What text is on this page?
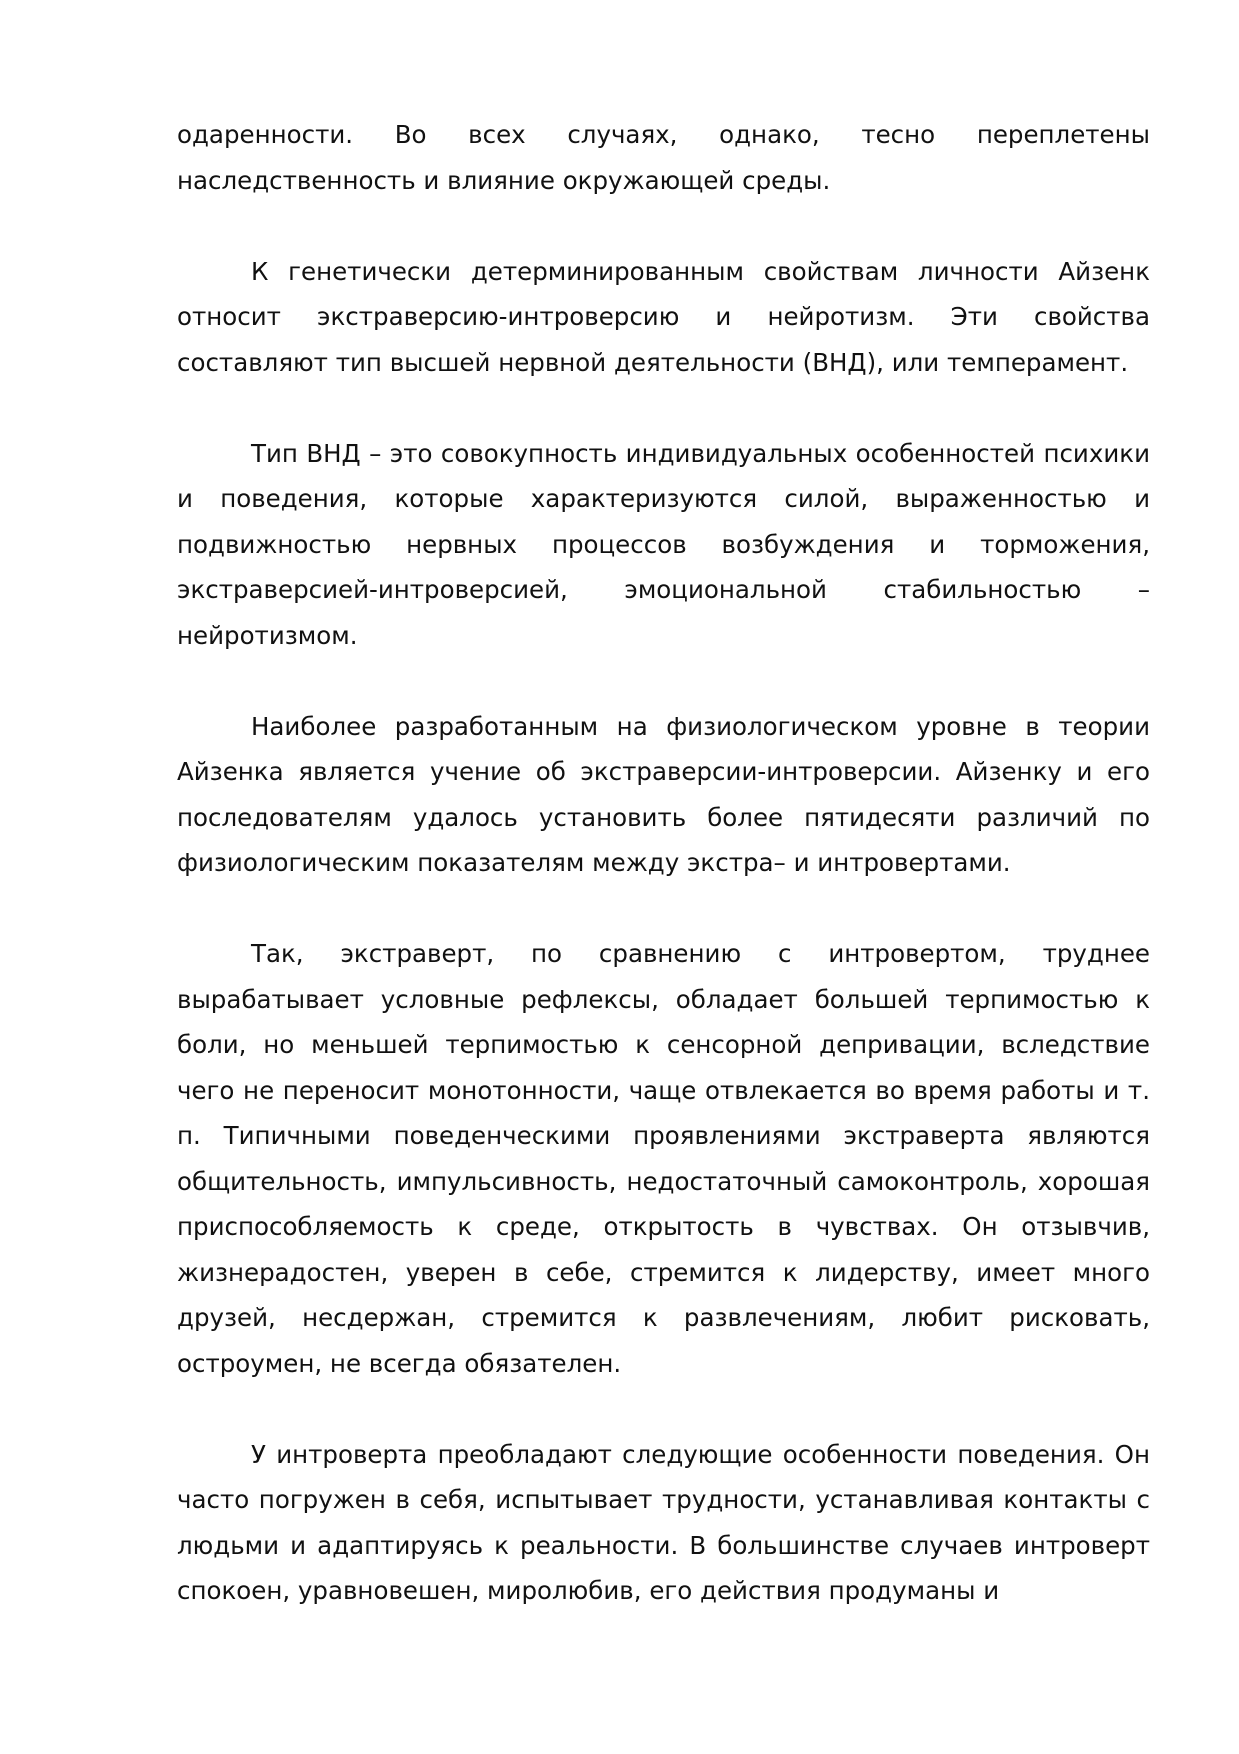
одаренности. Во всех случаях, однако, тесно переплетены наследственность и влияние окружающей среды.

К генетически детерминированным свойствам личности Айзенк относит экстраверсию-интроверсию и нейротизм. Эти свойства составляют тип высшей нервной деятельности (ВНД), или темперамент.

Тип ВНД – это совокупность индивидуальных особенностей психики и поведения, которые характеризуются силой, выраженностью и подвижностью нервных процессов возбуждения и торможения, экстраверсией-интроверсией, эмоциональной стабильностью – нейротизмом.

Наиболее разработанным на физиологическом уровне в теории Айзенка является учение об экстраверсии-интроверсии. Айзенку и его последователям удалось установить более пятидесяти различий по физиологическим показателям между экстра– и интровертами.

Так, экстраверт, по сравнению с интровертом, труднее вырабатывает условные рефлексы, обладает большей терпимостью к боли, но меньшей терпимостью к сенсорной депривации, вследствие чего не переносит монотонности, чаще отвлекается во время работы и т. п. Типичными поведенческими проявлениями экстраверта являются общительность, импульсивность, недостаточный самоконтроль, хорошая приспособляемость к среде, открытость в чувствах. Он отзывчив, жизнерадостен, уверен в себе, стремится к лидерству, имеет много друзей, несдержан, стремится к развлечениям, любит рисковать, остроумен, не всегда обязателен.

У интроверта преобладают следующие особенности поведения. Он часто погружен в себя, испытывает трудности, устанавливая контакты с людьми и адаптируясь к реальности. В большинстве случаев интроверт спокоен, уравновешен, миролюбив, его действия продуманы и
